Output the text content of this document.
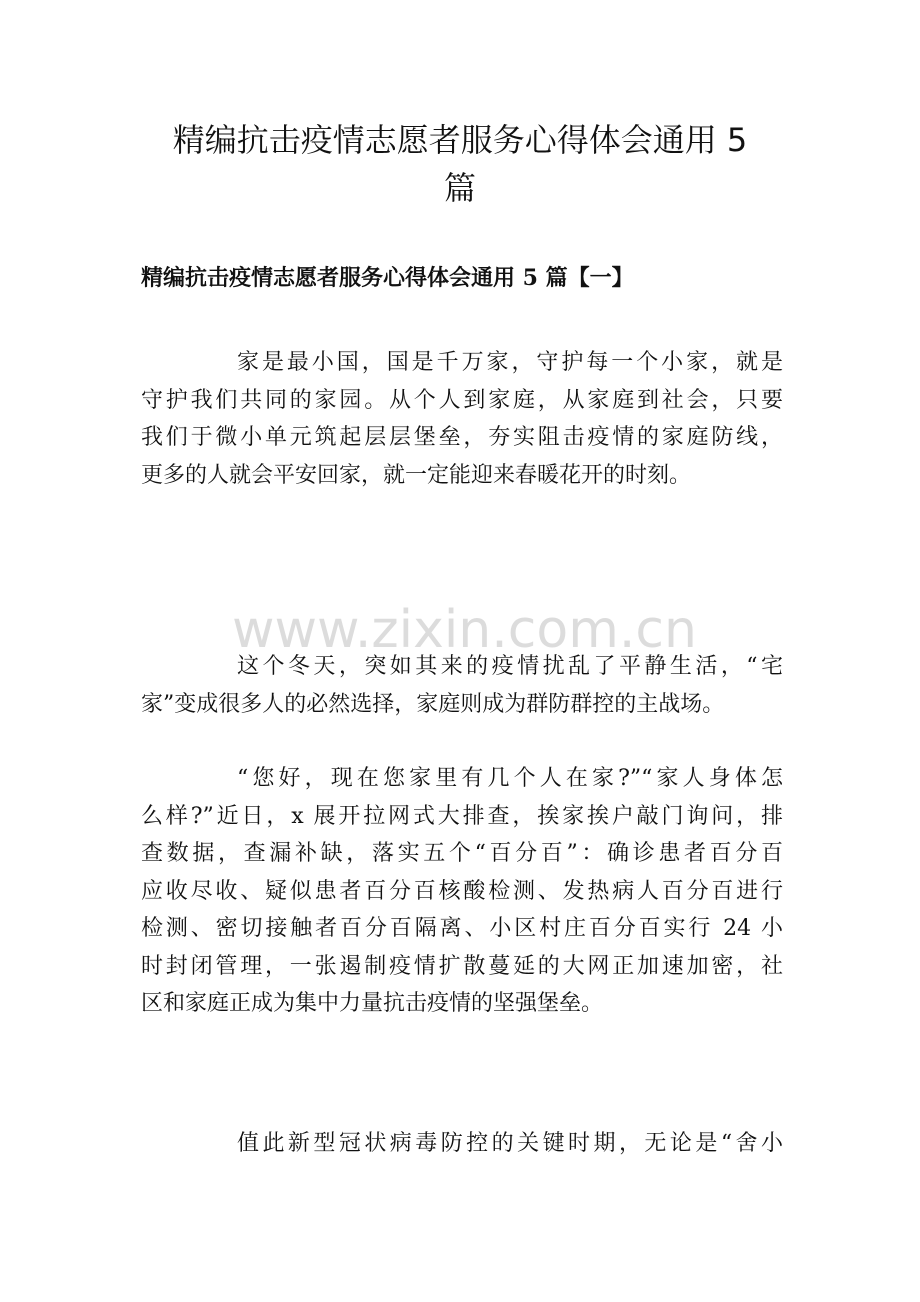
精编抗击疫情志愿者服务心得体会通用 5
篇
精编抗击疫情志愿者服务心得体会通用 5 篇【一】
家是最小国，国是千万家，守护每一个小家，就是
守护我们共同的家园。从个人到家庭，从家庭到社会，只要
我们于微小单元筑起层层堡垒，夯实阻击疫情的家庭防线，
更多的人就会平安回家，就一定能迎来春暖花开的时刻。
www.zixin.com.cn
这个冬天，突如其来的疫情扰乱了平静生活，“宅
家”变成很多人的必然选择，家庭则成为群防群控的主战场。
“您好，现在您家里有几个人在家?”“家人身体怎
么样?”近日，x 展开拉网式大排查，挨家挨户敲门询问，排
查数据，查漏补缺，落实五个“百分百”：确诊患者百分百
应收尽收、疑似患者百分百核酸检测、发热病人百分百进行
检测、密切接触者百分百隔离、小区村庄百分百实行 24 小
时封闭管理，一张遏制疫情扩散蔓延的大网正加速加密，社
区和家庭正成为集中力量抗击疫情的坚强堡垒。
值此新型冠状病毒防控的关键时期，无论是“舍小
